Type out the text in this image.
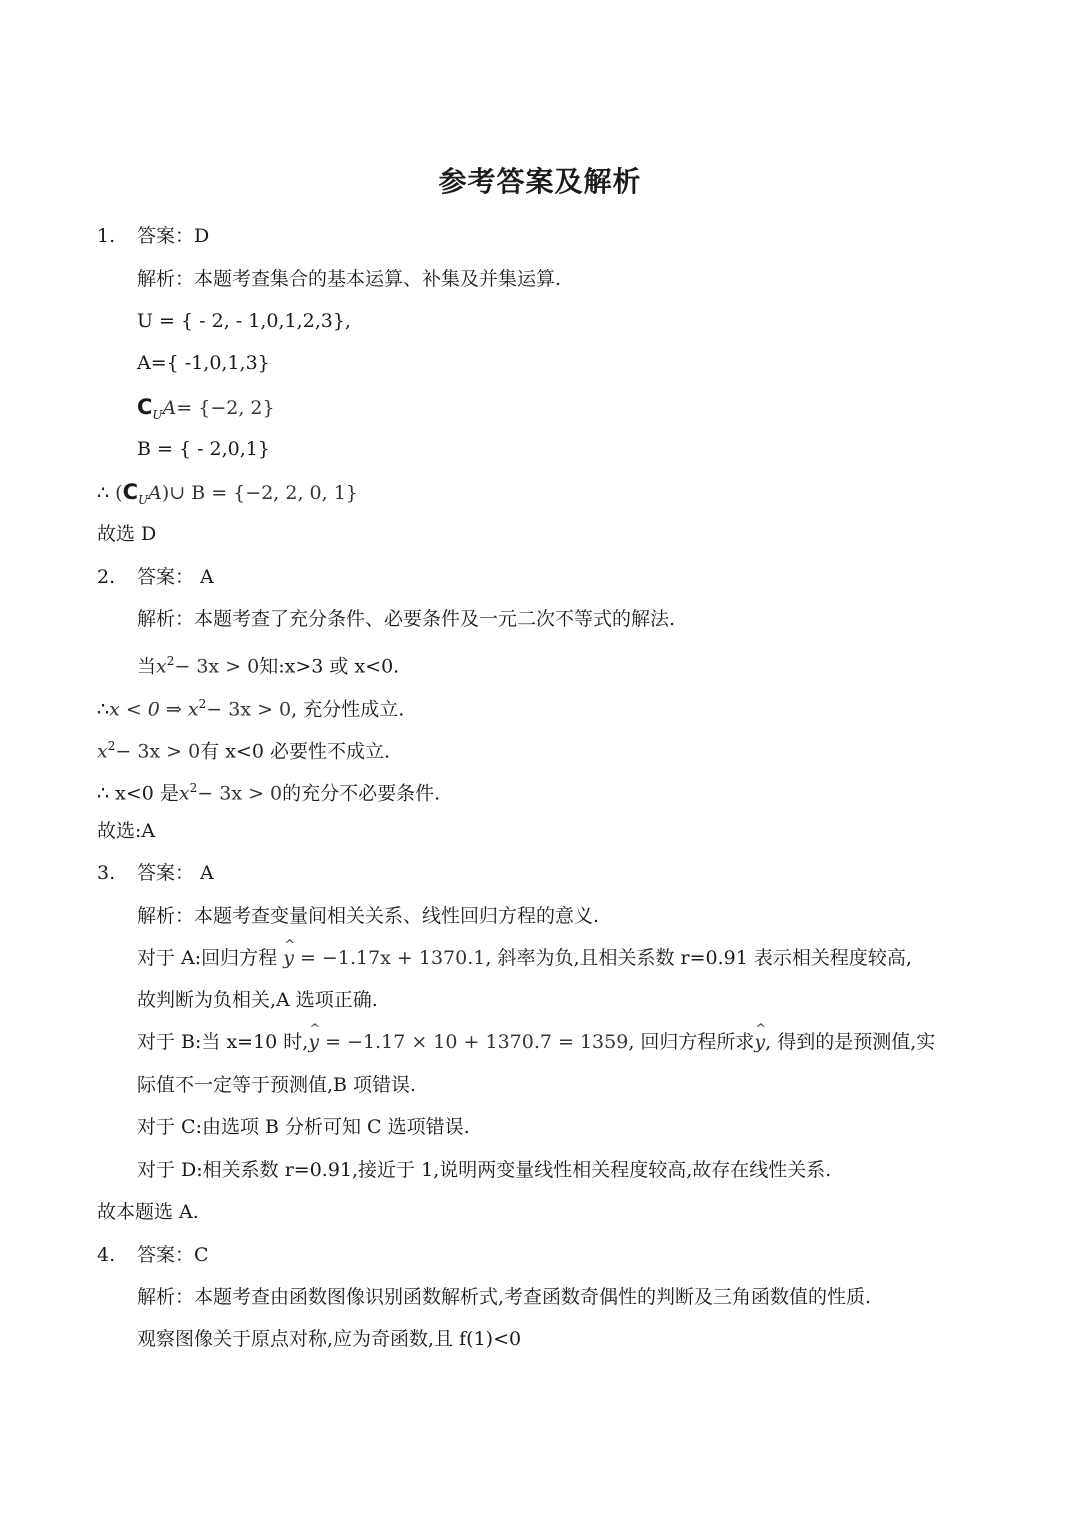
参考答案及解析
1. 答案：D
解析：本题考查集合的基本运算、补集及并集运算.
U = { - 2, - 1,0,1,2,3},
A={ -1,0,1,3}
$C_UA= \{-2$, 2}
B = { - 2,0,1}
∴ $(C_UA)\cup$ B = {−2, 2, 0, 1}
故选 D
2. 答案： A
解析：本题考查了充分条件、必要条件及一元二次不等式的解法.
当$x^2- 3x > 0$知:x>3 或 x<0.
∴x < 0 ⇒ $x^2- 3x > 0$, 充分性成立.
$x^2- 3x > 0$有 x<0 必要性不成立.
∴ x<0 是$x^2- 3x > 0$的充分不必要条件.
故选:A
3. 答案： A
解析：本题考查变量间相关关系、线性回归方程的意义.
对于 A:回归方程 ^ y = −1.17x + 1370.1, 斜率为负,且相关系数 r=0.91 表示相关程度较高,
故判断为负相关,A 选项正确.
对于 B:当 x=10 时,^ y = −1.17 × 10 + 1370.7 = 1359, 回归方程所求^ y, 得到的是预测值,实
际值不一定等于预测值,B 项错误.
对于 C:由选项 B 分析可知 C 选项错误.
对于 D:相关系数 r=0.91,接近于 1,说明两变量线性相关程度较高,故存在线性关系.
故本题选 A.
4. 答案：C
解析：本题考查由函数图像识别函数解析式,考查函数奇偶性的判断及三角函数值的性质.
观察图像关于原点对称,应为奇函数,且 f(1)<0
